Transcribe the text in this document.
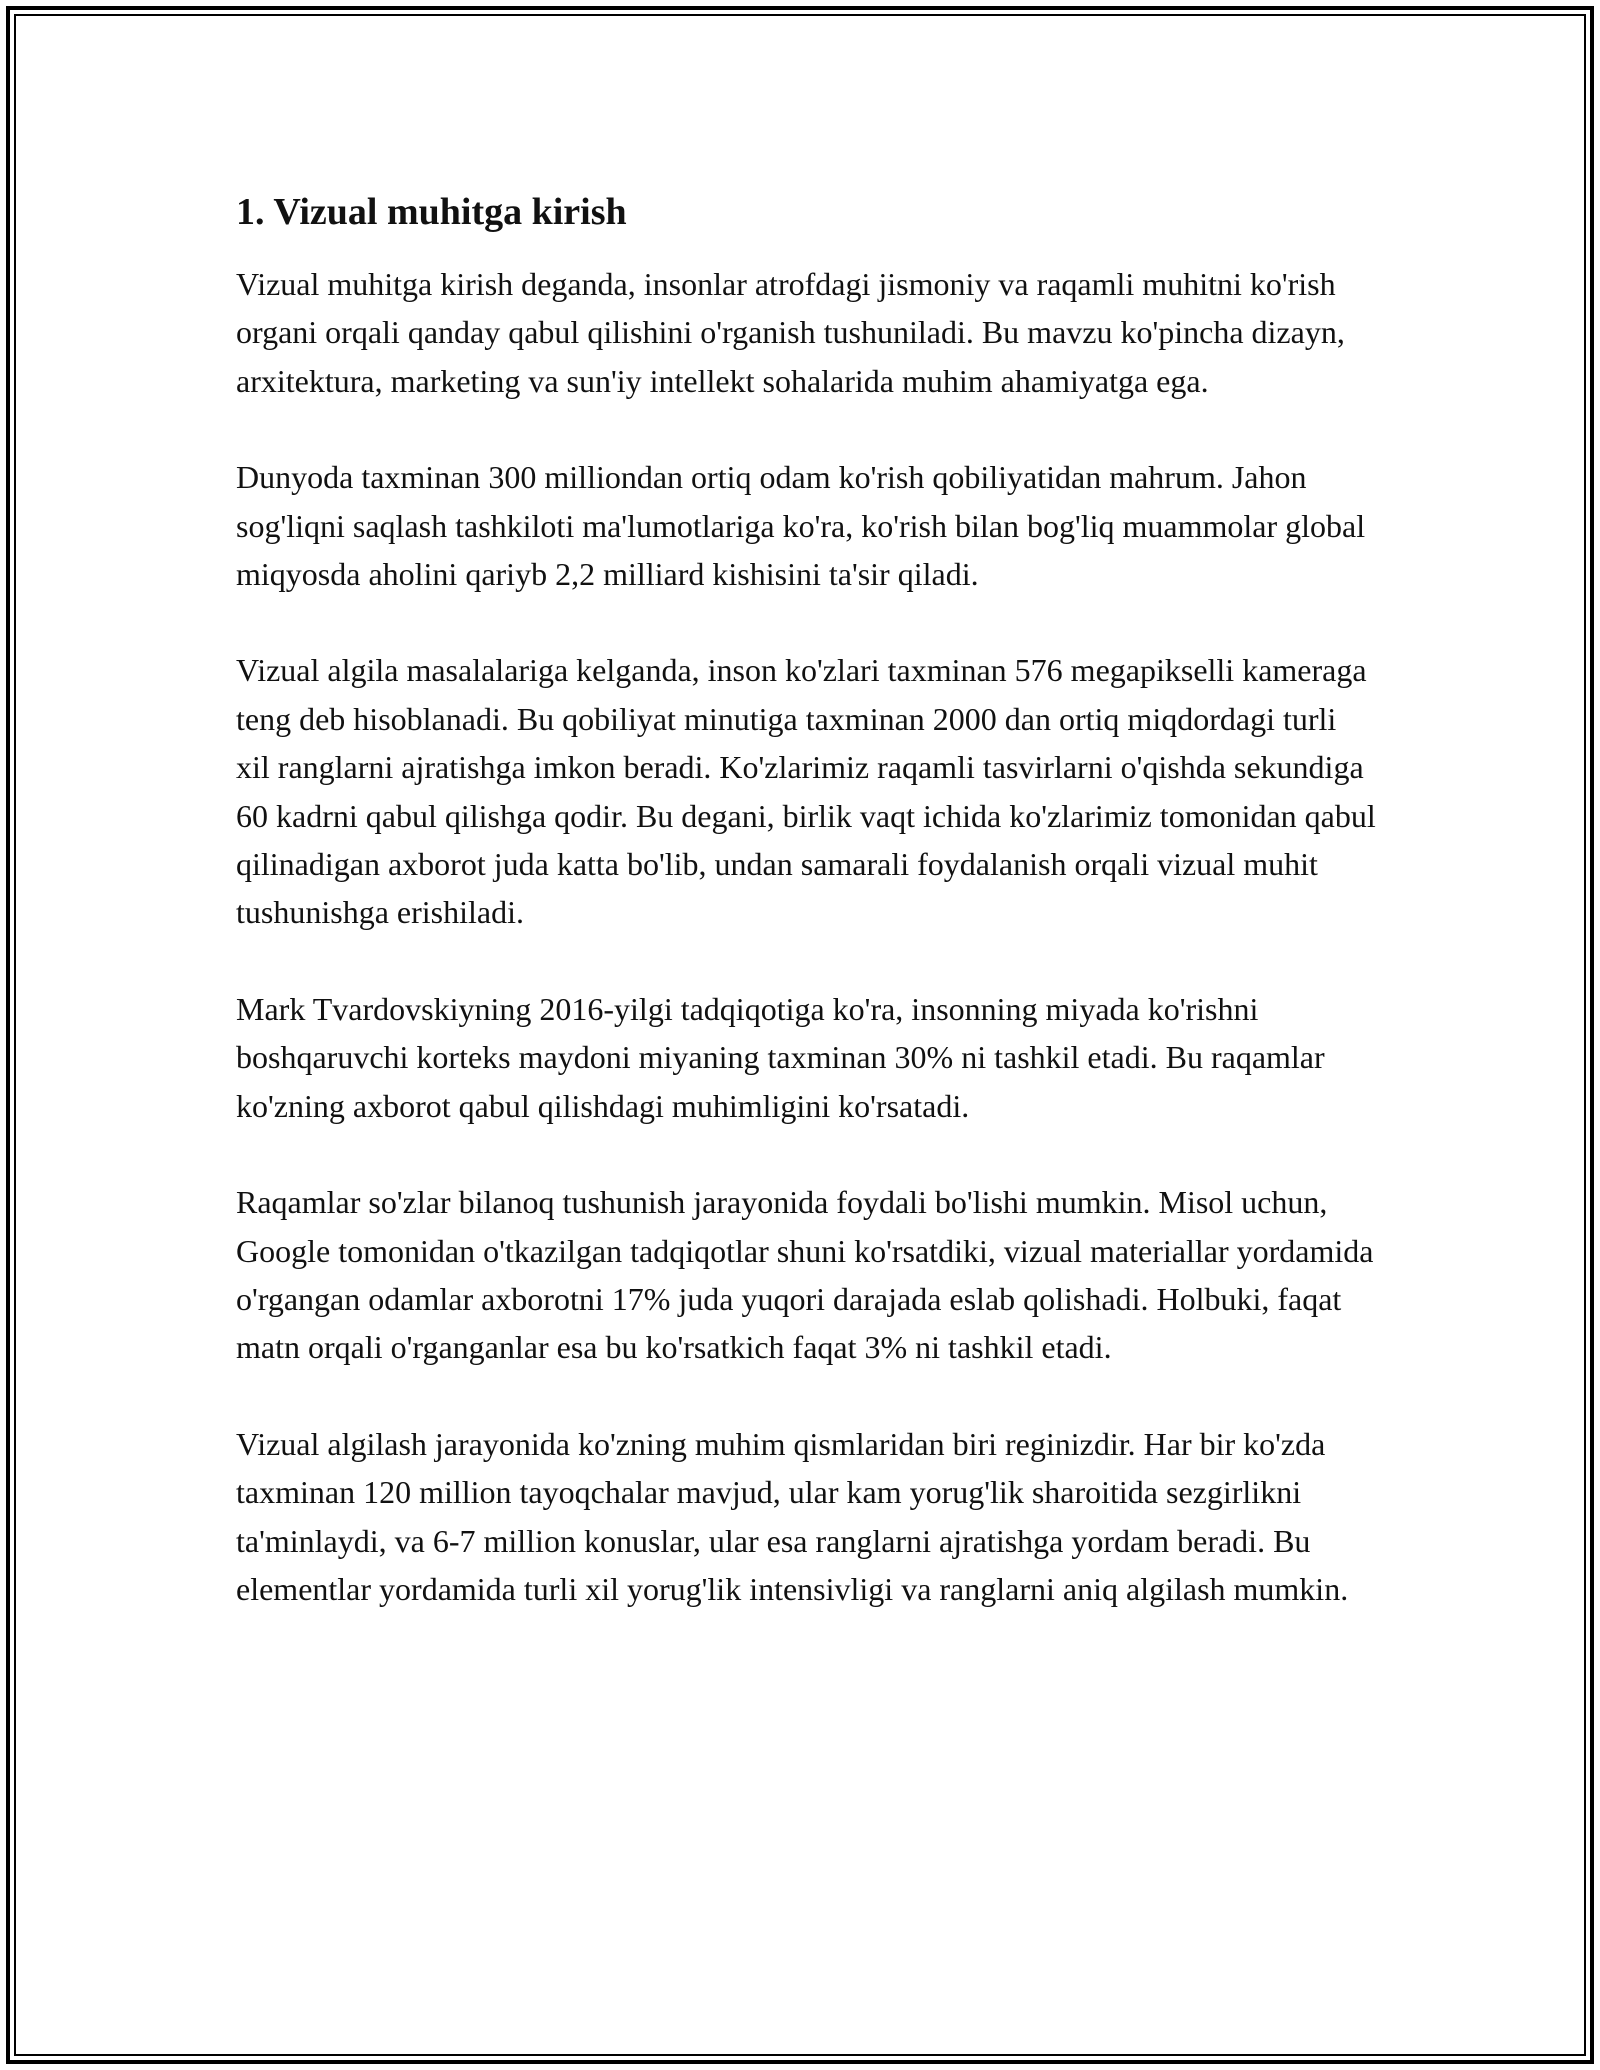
1. Vizual muhitga kirish

Vizual muhitga kirish deganda, insonlar atrofdagi jismoniy va raqamli muhitni ko'rish organi orqali qanday qabul qilishini o'rganish tushuniladi. Bu mavzu ko'pincha dizayn, arxitektura, marketing va sun'iy intellekt sohalarida muhim ahamiyatga ega.

Dunyoda taxminan 300 milliondan ortiq odam ko'rish qobiliyatidan mahrum. Jahon sog'liqni saqlash tashkiloti ma'lumotlariga ko'ra, ko'rish bilan bog'liq muammolar global miqyosda aholini qariyb 2,2 milliard kishisini ta'sir qiladi.

Vizual algila masalalariga kelganda, inson ko'zlari taxminan 576 megapikselli kameraga teng deb hisoblanadi. Bu qobiliyat minutiga taxminan 2000 dan ortiq miqdordagi turli xil ranglarni ajratishga imkon beradi. Ko'zlarimiz raqamli tasvirlarni o'qishda sekundiga 60 kadrni qabul qilishga qodir. Bu degani, birlik vaqt ichida ko'zlarimiz tomonidan qabul qilinadigan axborot juda katta bo'lib, undan samarali foydalanish orqali vizual muhit tushunishga erishiladi.

Mark Tvardovskiyning 2016-yilgi tadqiqotiga ko'ra, insonning miyada ko'rishni boshqaruvchi korteks maydoni miyaning taxminan 30% ni tashkil etadi. Bu raqamlar ko'zning axborot qabul qilishdagi muhimligini ko'rsatadi.

Raqamlar so'zlar bilanoq tushunish jarayonida foydali bo'lishi mumkin. Misol uchun, Google tomonidan o'tkazilgan tadqiqotlar shuni ko'rsatdiki, vizual materiallar yordamida o'rgangan odamlar axborotni 17% juda yuqori darajada eslab qolishadi. Holbuki, faqat matn orqali o'rganganlar esa bu ko'rsatkich faqat 3% ni tashkil etadi.

Vizual algilash jarayonida ko'zning muhim qismlaridan biri reginizdir. Har bir ko'zda taxminan 120 million tayoqchalar mavjud, ular kam yorug'lik sharoitida sezgirlikni ta'minlaydi, va 6-7 million konuslar, ular esa ranglarni ajratishga yordam beradi. Bu elementlar yordamida turli xil yorug'lik intensivligi va ranglarni aniq algilash mumkin.
